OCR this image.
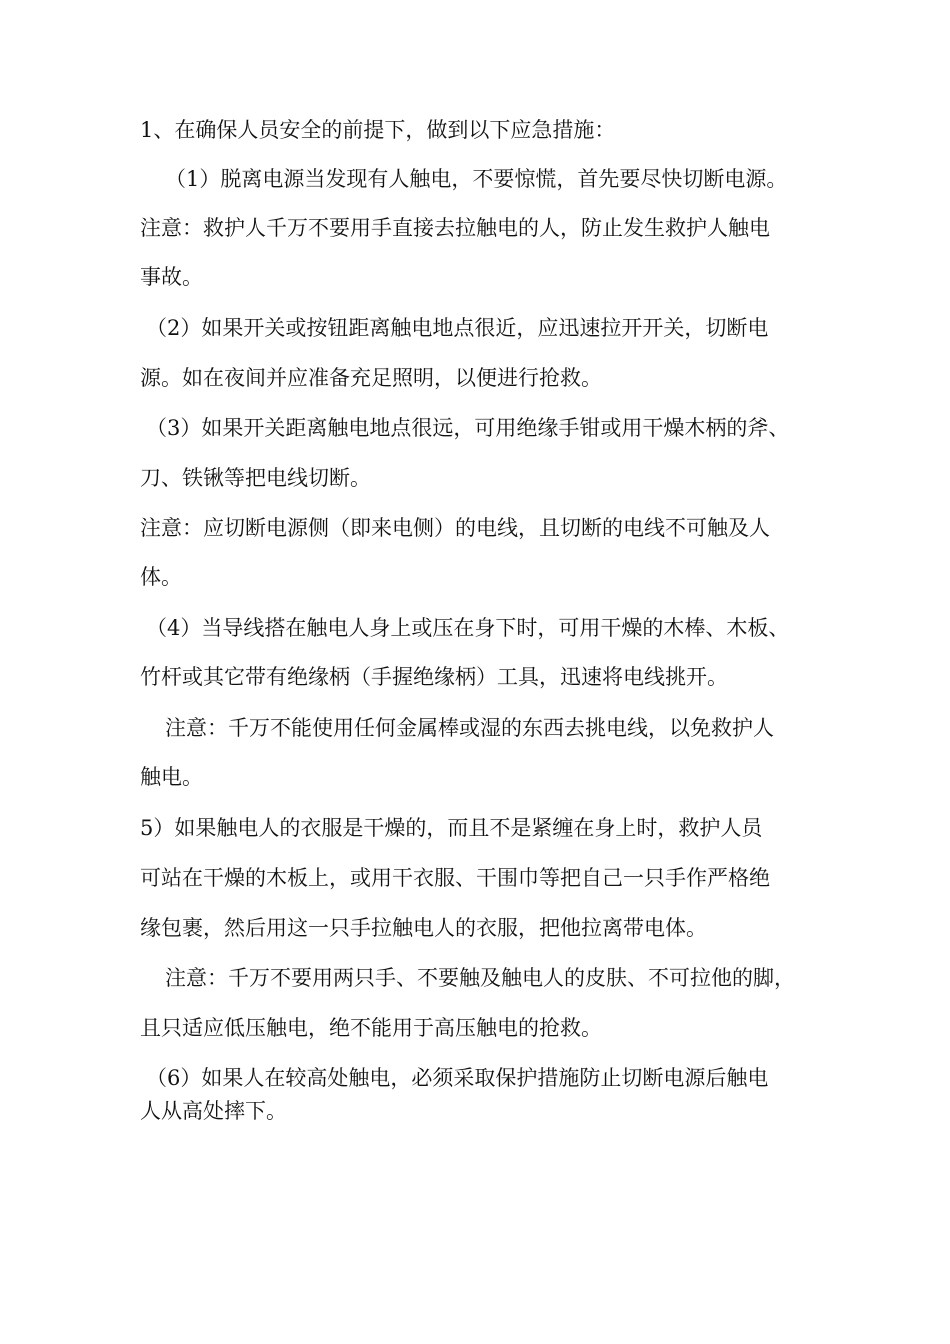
1、在确保人员安全的前提下，做到以下应急措施：
（1）脱离电源当发现有人触电，不要惊慌，首先要尽快切断电源。
注意：救护人千万不要用手直接去拉触电的人，防止发生救护人触电
事故。
（2）如果开关或按钮距离触电地点很近，应迅速拉开开关，切断电
源。如在夜间并应准备充足照明，以便进行抢救。
（3）如果开关距离触电地点很远，可用绝缘手钳或用干燥木柄的斧、
刀、铁锹等把电线切断。
注意：应切断电源侧（即来电侧）的电线，且切断的电线不可触及人
体。
（4）当导线搭在触电人身上或压在身下时，可用干燥的木棒、木板、
竹杆或其它带有绝缘柄（手握绝缘柄）工具，迅速将电线挑开。
注意：千万不能使用任何金属棒或湿的东西去挑电线，以免救护人
触电。
5）如果触电人的衣服是干燥的，而且不是紧缠在身上时，救护人员
可站在干燥的木板上，或用干衣服、干围巾等把自己一只手作严格绝
缘包裹，然后用这一只手拉触电人的衣服，把他拉离带电体。
注意：千万不要用两只手、不要触及触电人的皮肤、不可拉他的脚，
且只适应低压触电，绝不能用于高压触电的抢救。
（6）如果人在较高处触电，必须采取保护措施防止切断电源后触电
人从高处摔下。
